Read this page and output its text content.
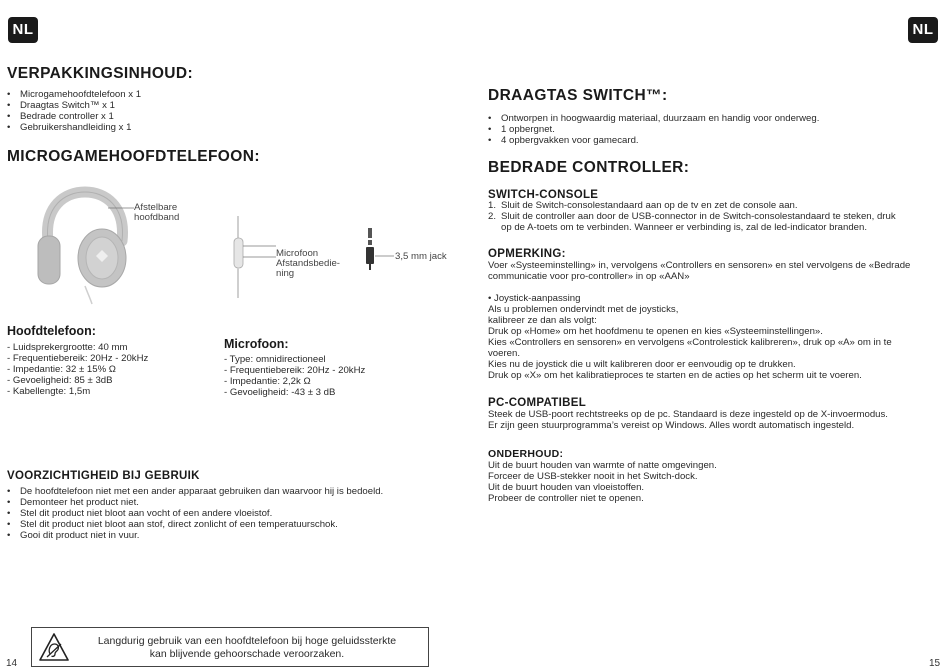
NL	NL
VERPAKKINGSINHOUD:
• Microgamehoofdtelefoon x 1
• Draagtas Switch™ x 1
• Bedrade controller x 1
• Gebruikershandleiding x 1
MICROGAMEHOOFDTELEFOON:
Afstelbare
hoofdband
Microfoon
Afstandsbedie-
ning
3,5 mm jack
Hoofdtelefoon:
- Luidsprekergrootte: 40 mm
- Frequentiebereik: 20Hz - 20kHz
- Impedantie: 32 ± 15% Ω
- Gevoeligheid: 85 ± 3dB
- Kabellengte: 1,5m
Microfoon:
- Type: omnidirectioneel
- Frequentiebereik: 20Hz - 20kHz
- Impedantie: 2,2k Ω
- Gevoeligheid: -43 ± 3 dB
VOORZICHTIGHEID BIJ GEBRUIK
• De hoofdtelefoon niet met een ander apparaat gebruiken dan waarvoor hij is bedoeld.
• Demonteer het product niet.
• Stel dit product niet bloot aan vocht of een andere vloeistof.
• Stel dit product niet bloot aan stof, direct zonlicht of een temperatuurschok.
• Gooi dit product niet in vuur.
Langdurig gebruik van een hoofdtelefoon bij hoge geluidssterkte
kan blijvende gehoorschade veroorzaken.
14
DRAAGTAS SWITCH™:
• Ontworpen in hoogwaardig materiaal, duurzaam en handig voor onderweg.
• 1 opbergnet.
• 4 opbergvakken voor gamecard.
BEDRADE CONTROLLER:
SWITCH-CONSOLE
1. Sluit de Switch-consolestandaard aan op de tv en zet de console aan.
2. Sluit de controller aan door de USB-connector in de Switch-consolestandaard te steken, druk
op de A-toets om te verbinden. Wanneer er verbinding is, zal de led-indicator branden.
OPMERKING:
Voer «Systeeminstelling» in, vervolgens «Controllers en sensoren» en stel vervolgens de «Bedrade
communicatie voor pro-controller» in op «AAN»
• Joystick-aanpassing
Als u problemen ondervindt met de joysticks,
kalibreer ze dan als volgt:
Druk op «Home» om het hoofdmenu te openen en kies «Systeeminstellingen».
Kies «Controllers en sensoren» en vervolgens «Controlestick kalibreren», druk op «A» om in te
voeren.
Kies nu de joystick die u wilt kalibreren door er eenvoudig op te drukken.
Druk op «X» om het kalibratieproces te starten en de acties op het scherm uit te voeren.
PC-COMPATIBEL
Steek de USB-poort rechtstreeks op de pc. Standaard is deze ingesteld op de X-invoermodus.
Er zijn geen stuurprogramma’s vereist op Windows. Alles wordt automatisch ingesteld.
ONDERHOUD:
Uit de buurt houden van warmte of natte omgevingen.
Forceer de USB-stekker nooit in het Switch-dock.
Uit de buurt houden van vloeistoffen.
Probeer de controller niet te openen.
15
